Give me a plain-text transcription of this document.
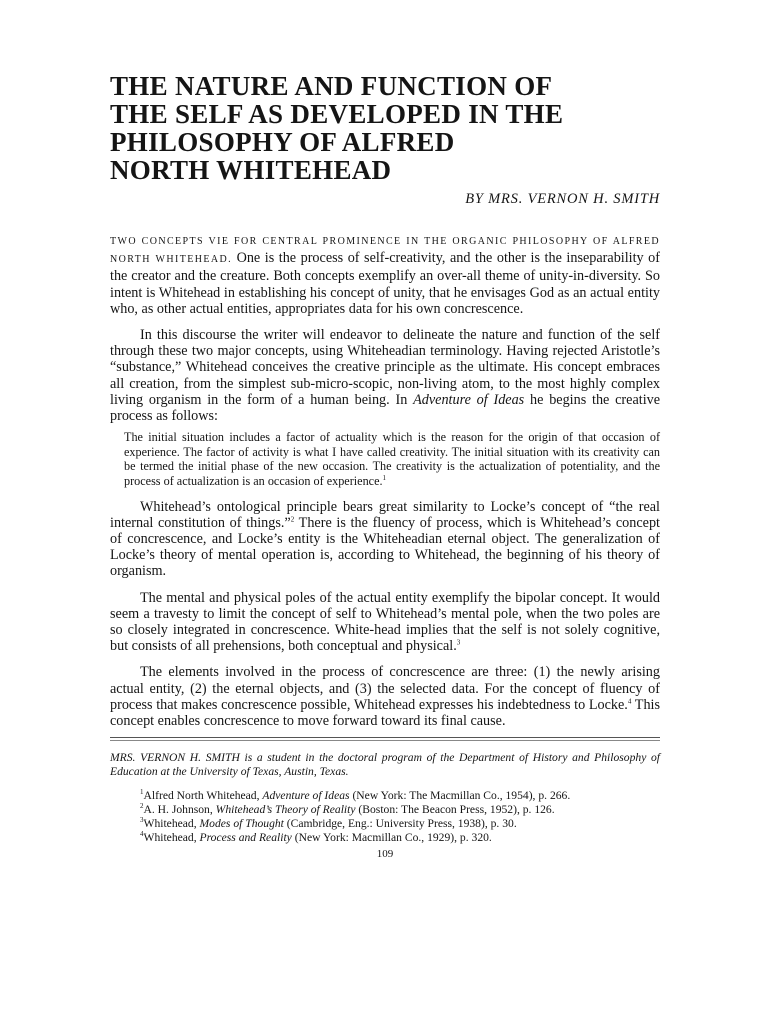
THE NATURE AND FUNCTION OF
THE SELF AS DEVELOPED IN THE
PHILOSOPHY OF ALFRED
NORTH WHITEHEAD
BY MRS. VERNON H. SMITH

TWO CONCEPTS VIE FOR CENTRAL PROMINENCE IN THE ORGANIC PHILOSOPHY OF ALFRED NORTH WHITEHEAD. One is the process of self-creativity, and the other is the inseparability of the creator and the creature. Both concepts exemplify an over-all theme of unity-in-diversity. So intent is Whitehead in establishing his concept of unity, that he envisages God as an actual entity who, as other actual entities, appropriates data for his own concrescence.

In this discourse the writer will endeavor to delineate the nature and function of the self through these two major concepts, using Whiteheadian terminology. Having rejected Aristotle’s “substance,” Whitehead conceives the creative principle as the ultimate. His concept embraces all creation, from the simplest sub-micro-scopic, non-living atom, to the most highly complex living organism in the form of a human being. In Adventure of Ideas he begins the creative process as follows:

The initial situation includes a factor of actuality which is the reason for the origin of that occasion of experience. The factor of activity is what I have called creativity. The initial situation with its creativity can be termed the initial phase of the new occasion. The creativity is the actualization of potentiality, and the process of actualization is an occasion of experience.$^1$

Whitehead’s ontological principle bears great similarity to Locke’s concept of “the real internal constitution of things.”$^2$ There is the fluency of process, which is Whitehead’s concept of concrescence, and Locke’s entity is the Whiteheadian eternal object. The generalization of Locke’s theory of mental operation is, according to Whitehead, the beginning of his theory of organism.

The mental and physical poles of the actual entity exemplify the bipolar concept. It would seem a travesty to limit the concept of self to Whitehead’s mental pole, when the two poles are so closely integrated in concrescence. White-head implies that the self is not solely cognitive, but consists of all prehensions, both conceptual and physical.$^3$

The elements involved in the process of concrescence are three: (1) the newly arising actual entity, (2) the eternal objects, and (3) the selected data. For the concept of fluency of process that makes concrescence possible, Whitehead expresses his indebtedness to Locke.$^4$ This concept enables concrescence to move forward toward its final cause.

MRS. VERNON H. SMITH is a student in the doctoral program of the Department of History and Philosophy of Education at the University of Texas, Austin, Texas.
$^1$Alfred North Whitehead, Adventure of Ideas (New York: The Macmillan Co., 1954), p. 266.
$^2$A. H. Johnson, Whitehead’s Theory of Reality (Boston: The Beacon Press, 1952), p. 126.
$^3$Whitehead, Modes of Thought (Cambridge, Eng.: University Press, 1938), p. 30.
$^4$Whitehead, Process and Reality (New York: Macmillan Co., 1929), p. 320.
109
